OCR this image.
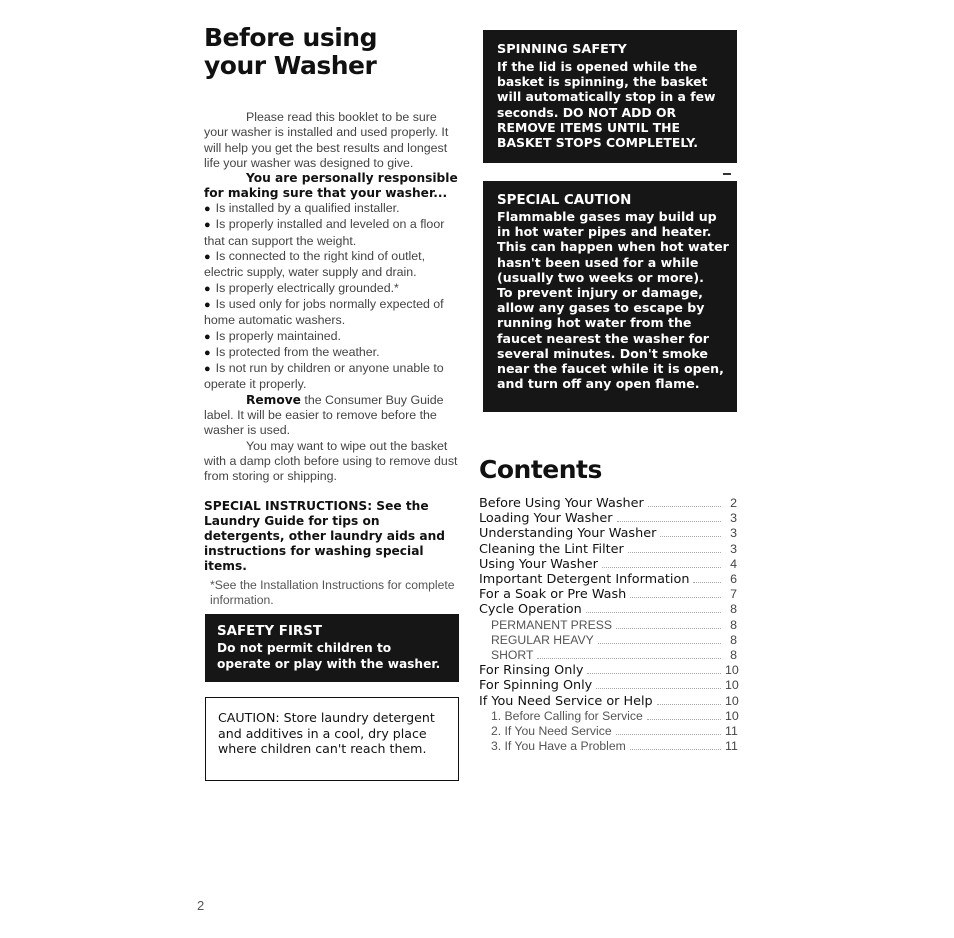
Before using
your Washer

Please read this booklet to be sure your washer is installed and used properly. It will help you get the best results and longest life your washer was designed to give.

You are personally responsible for making sure that your washer...

● Is installed by a qualified installer.
● Is properly installed and leveled on a floor that can support the weight.
● Is connected to the right kind of outlet, electric supply, water supply and drain.
● Is properly electrically grounded.*
● Is used only for jobs normally expected of home automatic washers.
● Is properly maintained.
● Is protected from the weather.
● Is not run by children or anyone unable to operate it properly.

Remove the Consumer Buy Guide label. It will be easier to remove before the washer is used.

You may want to wipe out the basket with a damp cloth before using to remove dust from storing or shipping.

SPECIAL INSTRUCTIONS: See the Laundry Guide for tips on detergents, other laundry aids and instructions for washing special items.

*See the Installation Instructions for complete information.

SAFETY FIRST

Do not permit children to operate or play with the washer.

CAUTION: Store laundry detergent and additives in a cool, dry place where children can't reach them.

SPINNING SAFETY

If the lid is opened while the basket is spinning, the basket will automatically stop in a few seconds. DO NOT ADD OR REMOVE ITEMS UNTIL THE BASKET STOPS COMPLETELY.

SPECIAL CAUTION

Flammable gases may build up in hot water pipes and heater. This can happen when hot water hasn't been used for a while (usually two weeks or more).

To prevent injury or damage, allow any gases to escape by running hot water from the faucet nearest the washer for several minutes. Don't smoke near the faucet while it is open, and turn off any open flame.

Contents
Before Using Your Washer	2
Loading Your Washer	3
Understanding Your Washer	3
Cleaning the Lint Filter	3
Using Your Washer	4
Important Detergent Information	6
For a Soak or Pre Wash	7
Cycle Operation	8
PERMANENT PRESS	8
REGULAR HEAVY	8
SHORT	8
For Rinsing Only	10
For Spinning Only	10
If You Need Service or Help	10
1. Before Calling for Service	10
2. If You Need Service	11
3. If You Have a Problem	11
2
